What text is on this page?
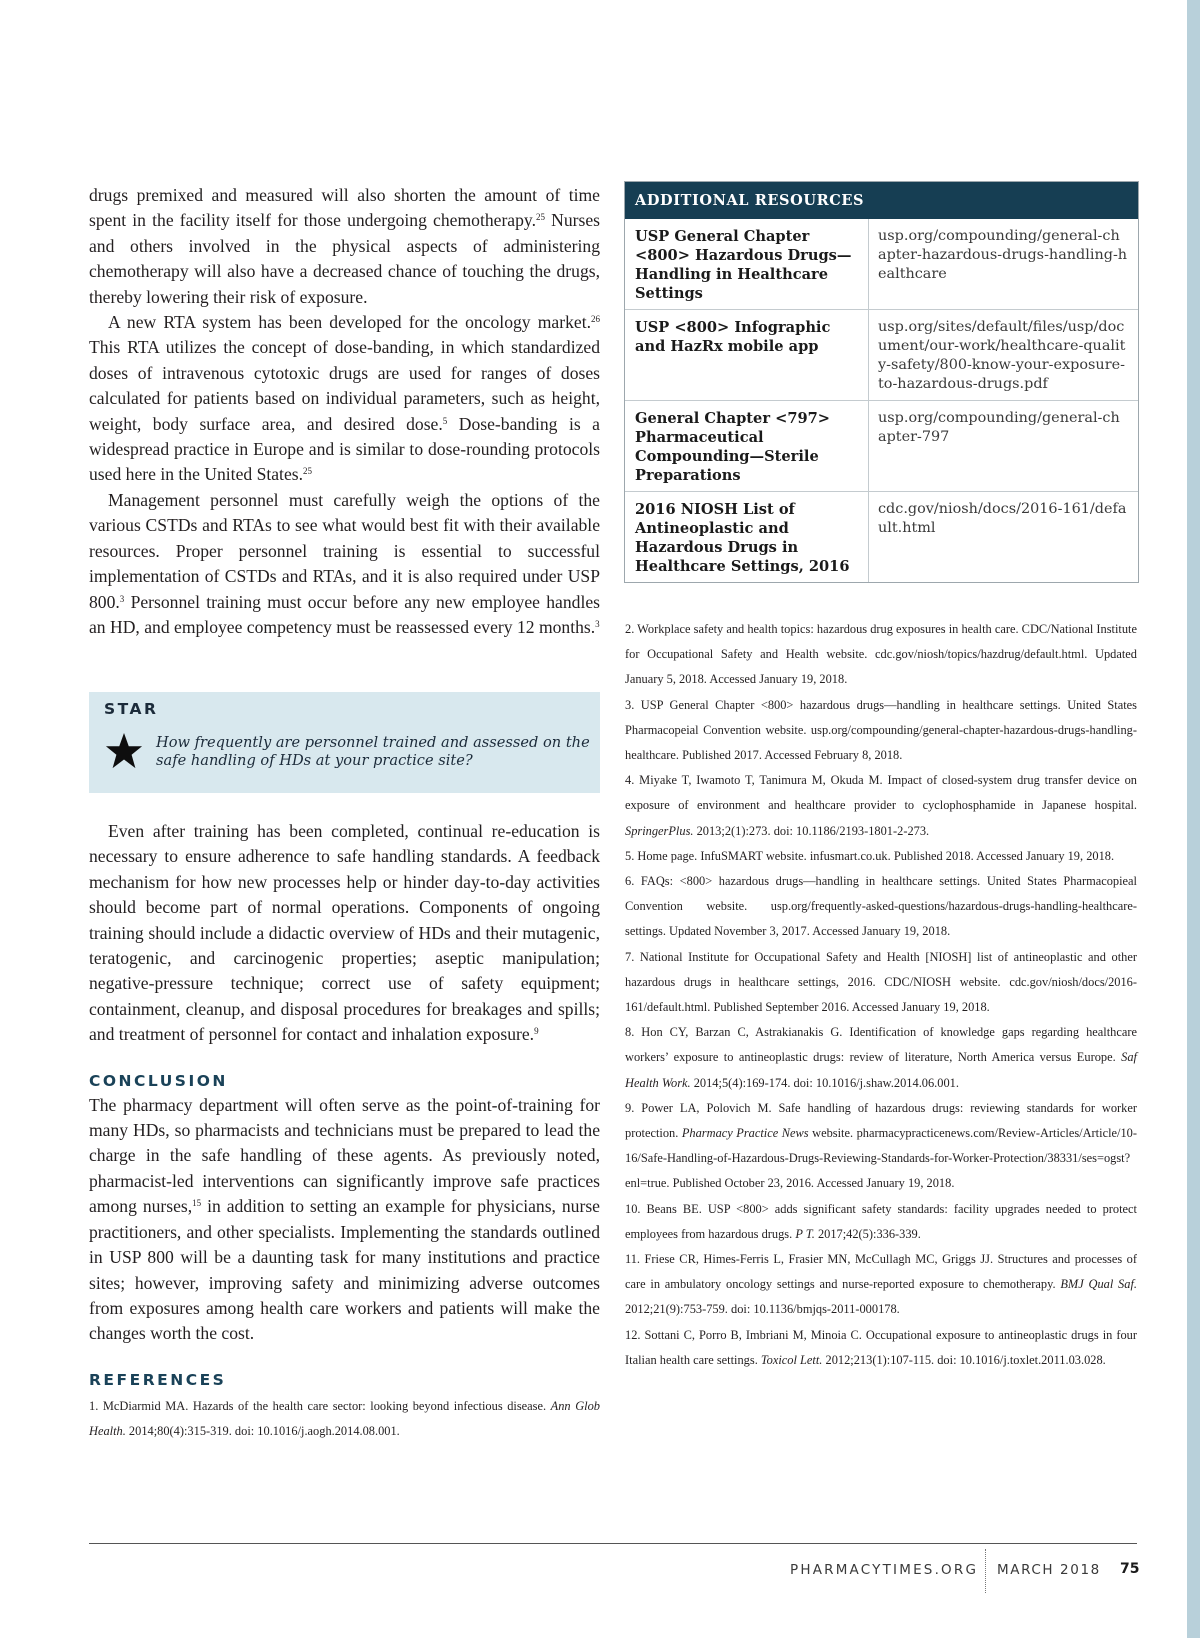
drugs premixed and measured will also shorten the amount of time spent in the facility itself for those undergoing chemotherapy.$^{25}$ Nurses and others involved in the physical aspects of administering chemotherapy will also have a decreased chance of touching the drugs, thereby lowering their risk of exposure.

A new RTA system has been developed for the oncology market.$^{26}$ This RTA utilizes the concept of dose-banding, in which standardized doses of intravenous cytotoxic drugs are used for ranges of doses calculated for patients based on individual parameters, such as height, weight, body surface area, and desired dose.$^5$ Dose-banding is a widespread practice in Europe and is similar to dose-rounding protocols used here in the United States.$^{25}$

Management personnel must carefully weigh the options of the various CSTDs and RTAs to see what would best fit with their available resources. Proper personnel training is essential to successful implementation of CSTDs and RTAs, and it is also required under USP 800.$^3$ Personnel training must occur before any new employee handles an HD, and employee competency must be reassessed every 12 months.$^3$

STAR

How frequently are personnel trained and assessed on the safe handling of HDs at your practice site?

Even after training has been completed, continual re-education is necessary to ensure adherence to safe handling standards. A feedback mechanism for how new processes help or hinder day-to-day activities should become part of normal operations. Components of ongoing training should include a didactic overview of HDs and their mutagenic, teratogenic, and carcinogenic properties; aseptic manipulation; negative-pressure technique; correct use of safety equipment; containment, cleanup, and disposal procedures for breakages and spills; and treatment of personnel for contact and inhalation exposure.$^9$

CONCLUSION

The pharmacy department will often serve as the point-of-training for many HDs, so pharmacists and technicians must be prepared to lead the charge in the safe handling of these agents. As previously noted, pharmacist-led interventions can significantly improve safe practices among nurses,$^{15}$ in addition to setting an example for physicians, nurse practitioners, and other specialists. Implementing the standards outlined in USP 800 will be a daunting task for many institutions and practice sites; however, improving safety and minimizing adverse outcomes from exposures among health care workers and patients will make the changes worth the cost.

REFERENCES

1. McDiarmid MA. Hazards of the health care sector: looking beyond infectious disease. Ann Glob Health. 2014;80(4):315-319. doi: 10.1016/j.aogh.2014.08.001.

ADDITIONAL RESOURCES
USP General Chapter <800> Hazardous Drugs—Handling in Healthcare Settings
usp.org/compounding/general-chapter-hazardous-drugs-handling-healthcare
USP <800> Infographic and HazRx mobile app
usp.org/sites/default/files/usp/document/our-work/healthcare-quality-safety/800-know-your-exposure-to-hazardous-drugs.pdf
General Chapter <797> Pharmaceutical Compounding—Sterile Preparations
usp.org/compounding/general-chapter-797
2016 NIOSH List of Antineoplastic and Hazardous Drugs in Healthcare Settings, 2016
cdc.gov/niosh/docs/2016-161/default.html

2. Workplace safety and health topics: hazardous drug exposures in health care. CDC/National Institute for Occupational Safety and Health website. cdc.gov/niosh/topics/hazdrug/default.html. Updated January 5, 2018. Accessed January 19, 2018.

3. USP General Chapter <800> hazardous drugs—handling in healthcare settings. United States Pharmacopeial Convention website. usp.org/compounding/general-chapter-hazardous-drugs-handling-healthcare. Published 2017. Accessed February 8, 2018.

4. Miyake T, Iwamoto T, Tanimura M, Okuda M. Impact of closed-system drug transfer device on exposure of environment and healthcare provider to cyclophosphamide in Japanese hospital. SpringerPlus. 2013;2(1):273. doi: 10.1186/2193-1801-2-273.

5. Home page. InfuSMART website. infusmart.co.uk. Published 2018. Accessed January 19, 2018.

6. FAQs: <800> hazardous drugs—handling in healthcare settings. United States Pharmacopieal Convention website. usp.org/frequently-asked-questions/hazardous-drugs-handling-healthcare-settings. Updated November 3, 2017. Accessed January 19, 2018.

7. National Institute for Occupational Safety and Health [NIOSH] list of antineoplastic and other hazardous drugs in healthcare settings, 2016. CDC/NIOSH website. cdc.gov/niosh/docs/2016-161/default.html. Published September 2016. Accessed January 19, 2018.

8. Hon CY, Barzan C, Astrakianakis G. Identification of knowledge gaps regarding healthcare workers’ exposure to antineoplastic drugs: review of literature, North America versus Europe. Saf Health Work. 2014;5(4):169-174. doi: 10.1016/j.shaw.2014.06.001.

9. Power LA, Polovich M. Safe handling of hazardous drugs: reviewing standards for worker protection. Pharmacy Practice News website. pharmacypracticenews.com/Review-Articles/Article/10-16/Safe-Handling-of-Hazardous-Drugs-Reviewing-Standards-for-Worker-Protection/38331/ses=ogst?enl=true. Published October 23, 2016. Accessed January 19, 2018.

10. Beans BE. USP <800> adds significant safety standards: facility upgrades needed to protect employees from hazardous drugs. P T. 2017;42(5):336-339.

11. Friese CR, Himes-Ferris L, Frasier MN, McCullagh MC, Griggs JJ. Structures and processes of care in ambulatory oncology settings and nurse-reported exposure to chemotherapy. BMJ Qual Saf. 2012;21(9):753-759. doi: 10.1136/bmjqs-2011-000178.

12. Sottani C, Porro B, Imbriani M, Minoia C. Occupational exposure to antineoplastic drugs in four Italian health care settings. Toxicol Lett. 2012;213(1):107-115. doi: 10.1016/j.toxlet.2011.03.028.

PHARMACYTIMES.ORG MARCH 2018 75
